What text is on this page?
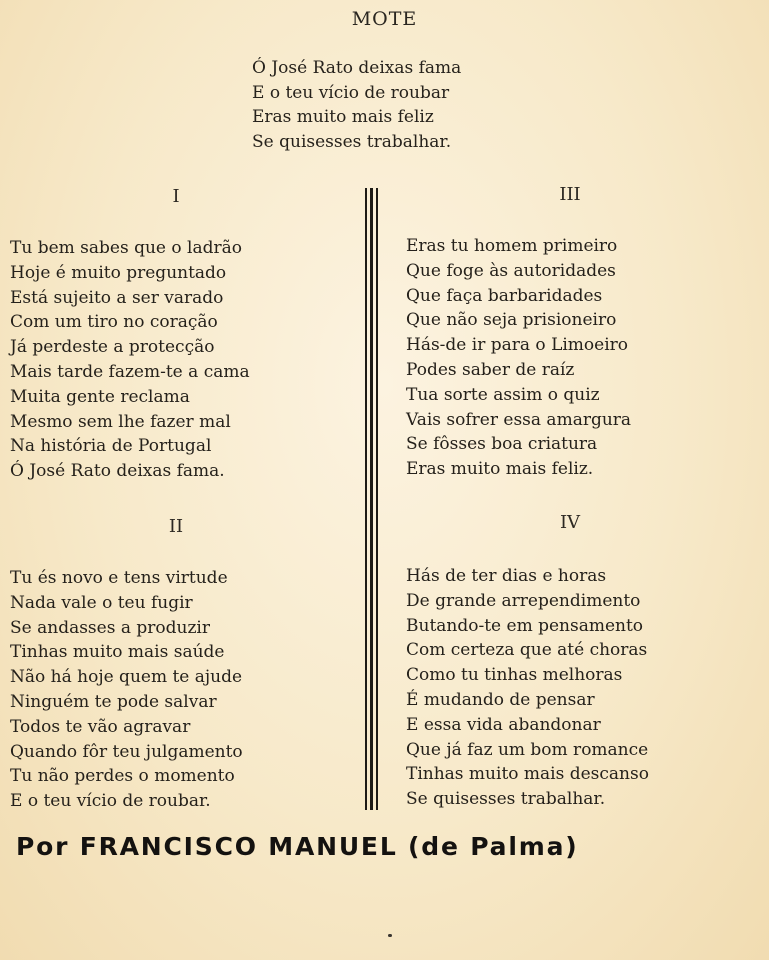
MOTE
Ó José Rato deixas fama
E o teu vício de roubar
Eras muito mais feliz
Se quisesses trabalhar.
I
Tu bem sabes que o ladrão
Hoje é muito preguntado
Está sujeito a ser varado
Com um tiro no coração
Já perdeste a protecção
Mais tarde fazem-te a cama
Muita gente reclama
Mesmo sem lhe fazer mal
Na história de Portugal
Ó José Rato deixas fama.
II
Tu és novo e tens virtude
Nada vale o teu fugir
Se andasses a produzir
Tinhas muito mais saúde
Não há hoje quem te ajude
Ninguém te pode salvar
Todos te vão agravar
Quando fôr teu julgamento
Tu não perdes o momento
E o teu vício de roubar.
III
Eras tu homem primeiro
Que foge às autoridades
Que faça barbaridades
Que não seja prisioneiro
Hás-de ir para o Limoeiro
Podes saber de raíz
Tua sorte assim o quiz
Vais sofrer essa amargura
Se fôsses boa criatura
Eras muito mais feliz.
IV
Hás de ter dias e horas
De grande arrependimento
Butando-te em pensamento
Com certeza que até choras
Como tu tinhas melhoras
É mudando de pensar
E essa vida abandonar
Que já faz um bom romance
Tinhas muito mais descanso
Se quisesses trabalhar.
Por FRANCISCO MANUEL (de Palma)
